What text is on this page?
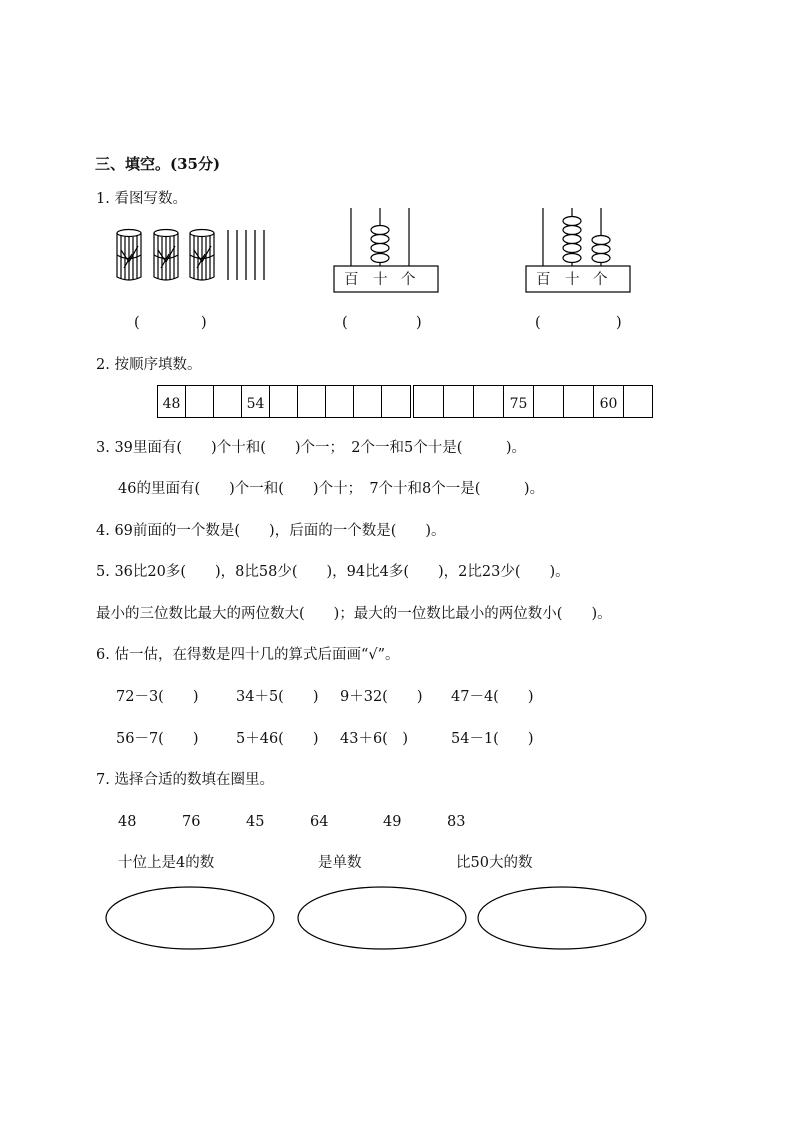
三、填空。(35分)
1. 看图写数。
百 十 个	百 十 个
(	)	(	)	(	)
2. 按顺序填数。
48	54	75	60
3. 39里面有(　　)个十和(　　)个一；　2个一和5个十是(　　　)。
46的里面有(　　)个一和(　　)个十；　7个十和8个一是(　　　)。
4. 69前面的一个数是(　　)，后面的一个数是(　　)。
5. 36比20多(　　)，8比58少(　　)，94比4多(　　)，2比23少(　　)。
最小的三位数比最大的两位数大(　　)；最大的一位数比最小的两位数小(　　)。
6. 估一估，在得数是四十几的算式后面画“√”。
72－3(　　)	34＋5(　　) 9＋32(　　) 47－4(　　)
56－7(　　)	5＋46(　　) 43＋6(　)	54－1(　　)
7. 选择合适的数填在圈里。
48	76	45	64	49	83
十位上是4的数	是单数	比50大的数
